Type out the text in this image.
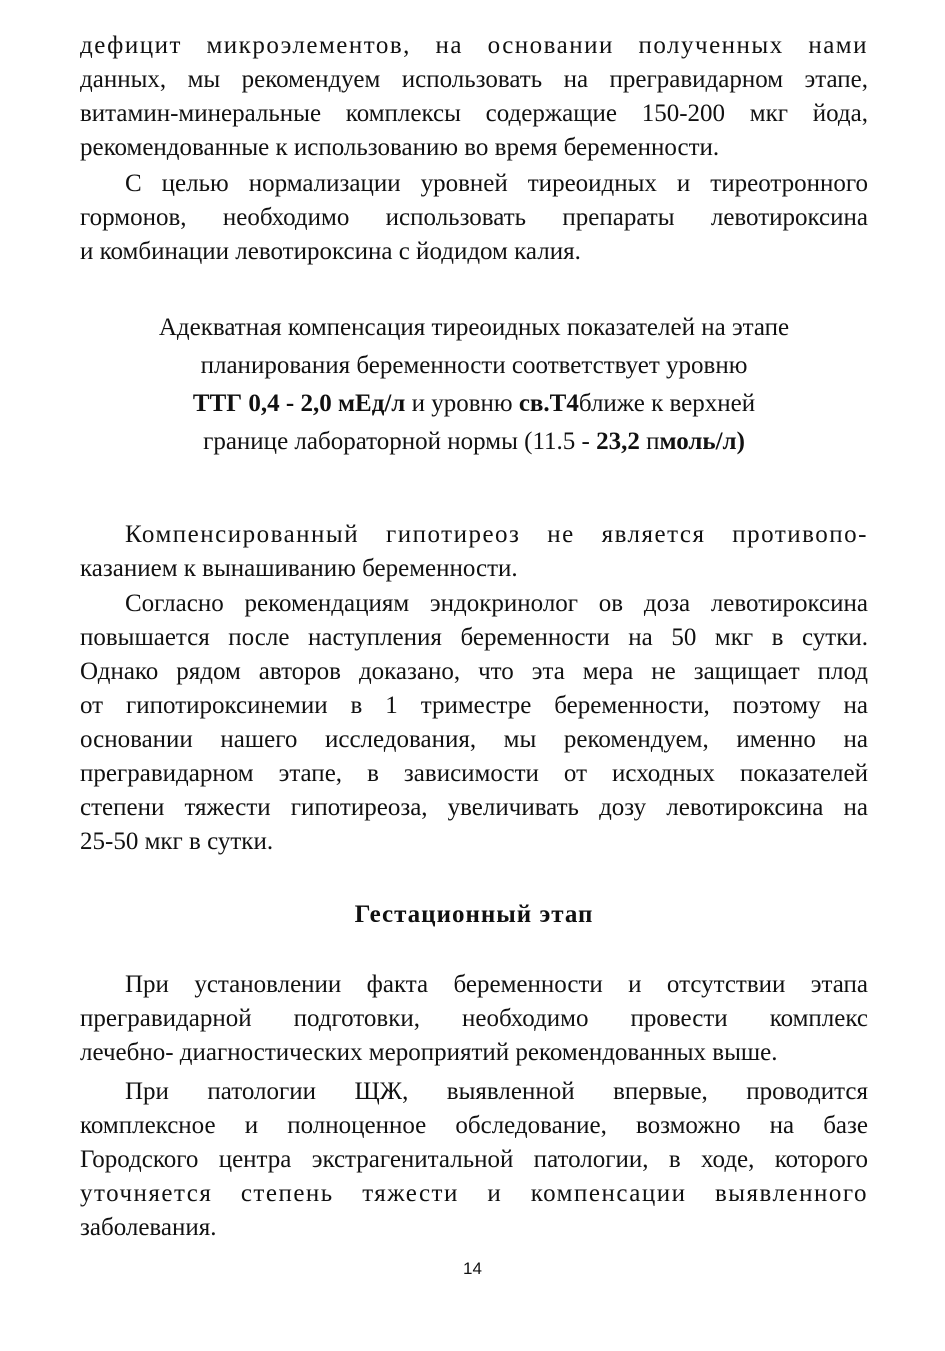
дефицит микроэлементов, на основании полученных нами
данных, мы рекомендуем использовать на прегравидарном этапе,
витамин-минеральные комплексы содержащие 150-200 мкг йода,
рекомендованные к использованию во время беременности.
С целью нормализации уровней тиреоидных и тиреотронного
гормонов, необходимо использовать препараты левотироксина
и комбинации левотироксина с йодидом калия.
Адекватная компенсация тиреоидных показателей на этапе
планирования беременности соответствует уровню
ТТГ 0,4 - 2,0 мЕд/л и уровню св.Т4ближе к верхней
границе лабораторной нормы (11.5 - 23,2 пмоль/л)
Компенсированный гипотиреоз не является противопо-
казанием к вынашиванию беременности.
Согласно рекомендациям эндокринолог ов доза левотироксина
повышается после наступления беременности на 50 мкг в сутки.
Однако рядом авторов доказано, что эта мера не защищает плод
от гипотироксинемии в 1 триместре беременности, поэтому на
основании нашего исследования, мы рекомендуем, именно на
прегравидарном этапе, в зависимости от исходных показателей
степени тяжести гипотиреоза, увеличивать дозу левотироксина на
25-50 мкг в сутки.
Гестационный этап
При установлении факта беременности и отсутствии этапа
прегравидарной подготовки, необходимо провести комплекс
лечебно- диагностических мероприятий рекомендованных выше.
При патологии ЩЖ, выявленной впервые, проводится
комплексное и полноценное обследование, возможно на базе
Городского центра экстрагенитальной патологии, в ходе, которого
уточняется степень тяжести и компенсации выявленного
заболевания.
14
